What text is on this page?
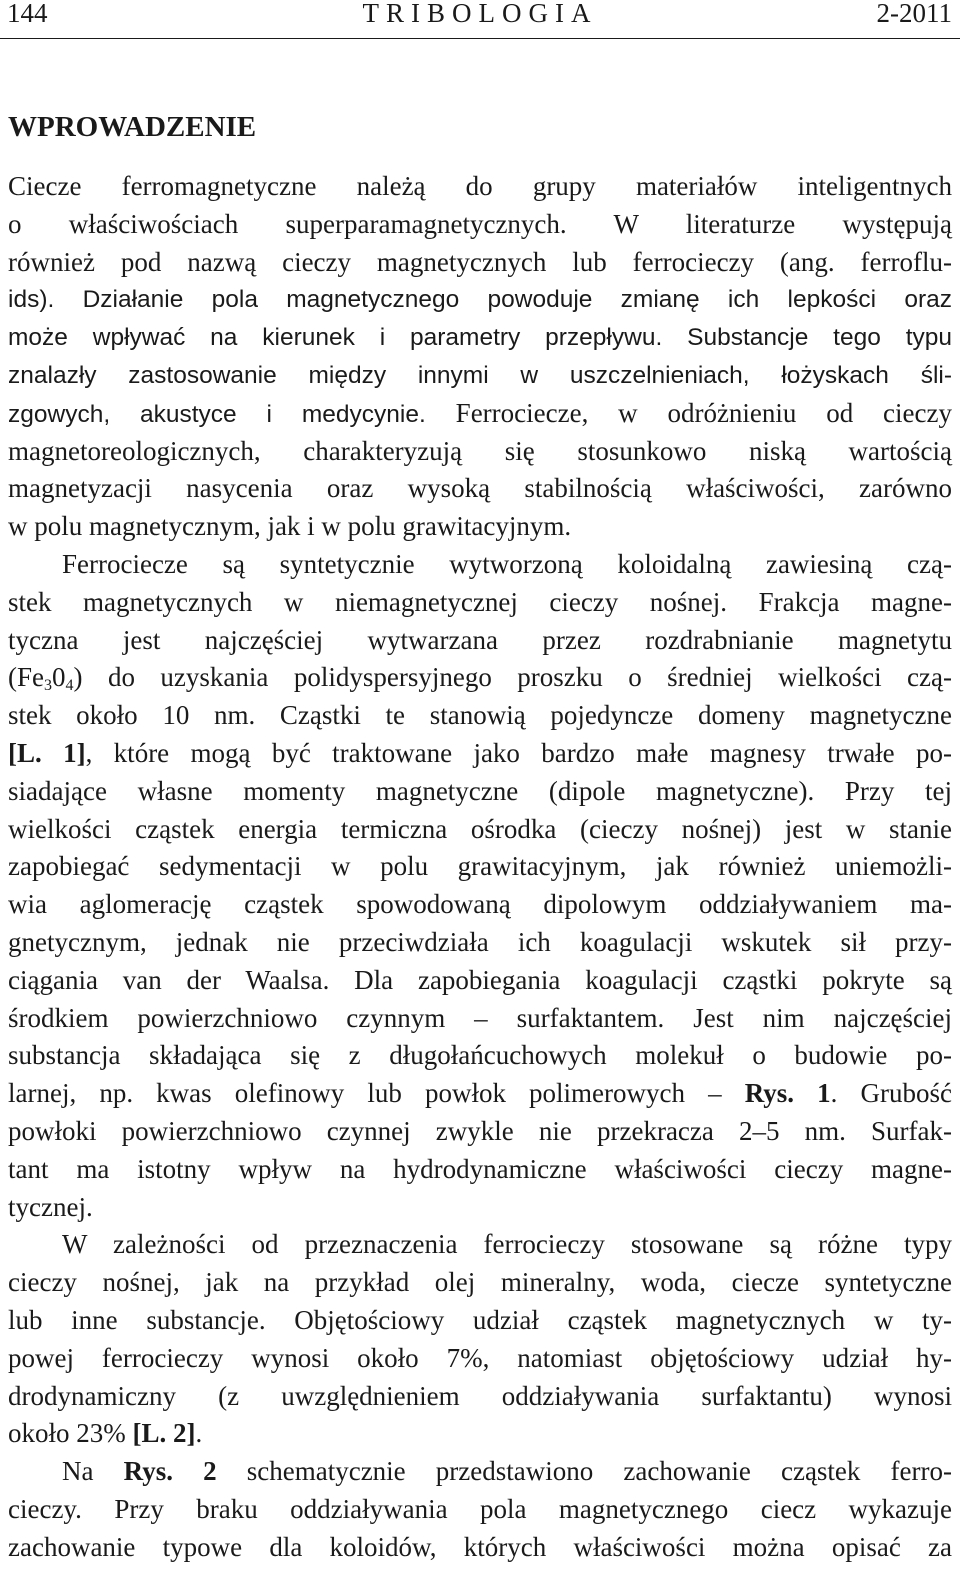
144	TRIBOLOGIA	2-2011
WPROWADZENIE
Ciecze ferromagnetyczne należą do grupy materiałów inteligentnych
o właściwościach superparamagnetycznych. W literaturze występują
również pod nazwą cieczy magnetycznych lub ferrocieczy (ang. ferroflu-
ids). Działanie pola magnetycznego powoduje zmianę ich lepkości oraz
może wpływać na kierunek i parametry przepływu. Substancje tego typu
znalazły zastosowanie między innymi w uszczelnieniach, łożyskach śli-
zgowych, akustyce i medycynie. Ferrociecze, w odróżnieniu od cieczy
magnetoreologicznych, charakteryzują się stosunkowo niską wartością
magnetyzacji nasycenia oraz wysoką stabilnością właściwości, zarówno
w polu magnetycznym, jak i w polu grawitacyjnym.
Ferrociecze są syntetycznie wytworzoną koloidalną zawiesiną czą-
stek magnetycznych w niemagnetycznej cieczy nośnej. Frakcja magne-
tyczna jest najczęściej wytwarzana przez rozdrabnianie magnetytu
$(Fe_30_4)$ do uzyskania polidyspersyjnego proszku o średniej wielkości czą-
stek około 10 nm. Cząstki te stanowią pojedyncze domeny magnetyczne
[L. 1], które mogą być traktowane jako bardzo małe magnesy trwałe po-
siadające własne momenty magnetyczne (dipole magnetyczne). Przy tej
wielkości cząstek energia termiczna ośrodka (cieczy nośnej) jest w stanie
zapobiegać sedymentacji w polu grawitacyjnym, jak również uniemożli-
wia aglomerację cząstek spowodowaną dipolowym oddziaływaniem ma-
gnetycznym, jednak nie przeciwdziała ich koagulacji wskutek sił przy-
ciągania van der Waalsa. Dla zapobiegania koagulacji cząstki pokryte są
środkiem powierzchniowo czynnym – surfaktantem. Jest nim najczęściej
substancja składająca się z długołańcuchowych molekuł o budowie po-
larnej, np. kwas olefinowy lub powłok polimerowych – Rys. 1. Grubość
powłoki powierzchniowo czynnej zwykle nie przekracza 2–5 nm. Surfak-
tant ma istotny wpływ na hydrodynamiczne właściwości cieczy magne-
tycznej.
W zależności od przeznaczenia ferrocieczy stosowane są różne typy
cieczy nośnej, jak na przykład olej mineralny, woda, ciecze syntetyczne
lub inne substancje. Objętościowy udział cząstek magnetycznych w ty-
powej ferrocieczy wynosi około 7%, natomiast objętościowy udział hy-
drodynamiczny (z uwzględnieniem oddziaływania surfaktantu) wynosi
około 23% [L. 2].
Na Rys. 2 schematycznie przedstawiono zachowanie cząstek ferro-
cieczy. Przy braku oddziaływania pola magnetycznego ciecz wykazuje
zachowanie typowe dla koloidów, których właściwości można opisać za
